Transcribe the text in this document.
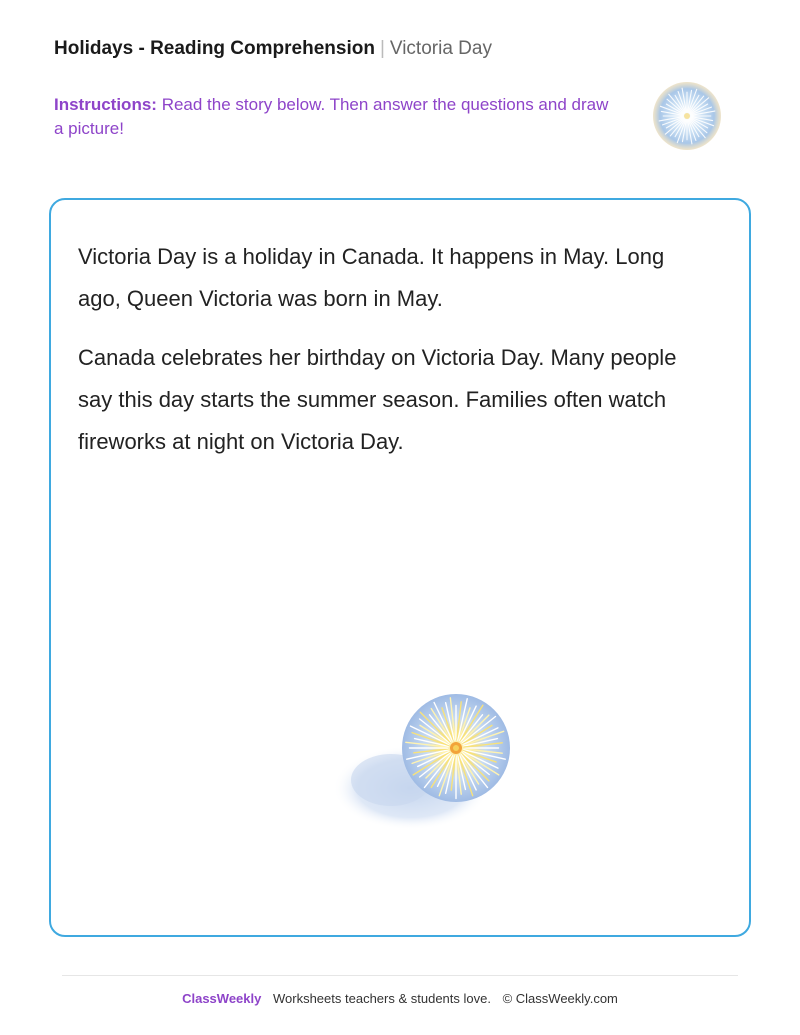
Holidays - Reading Comprehension | Victoria Day
Instructions: Read the story below. Then answer the questions and draw a picture!

Victoria Day is a holiday in Canada. It happens in May. Long ago, Queen Victoria was born in May.

Canada celebrates her birthday on Victoria Day. Many people say this day starts the summer season. Families often watch fireworks at night on Victoria Day.

ClassWeekly Worksheets teachers & students love. © ClassWeekly.com
